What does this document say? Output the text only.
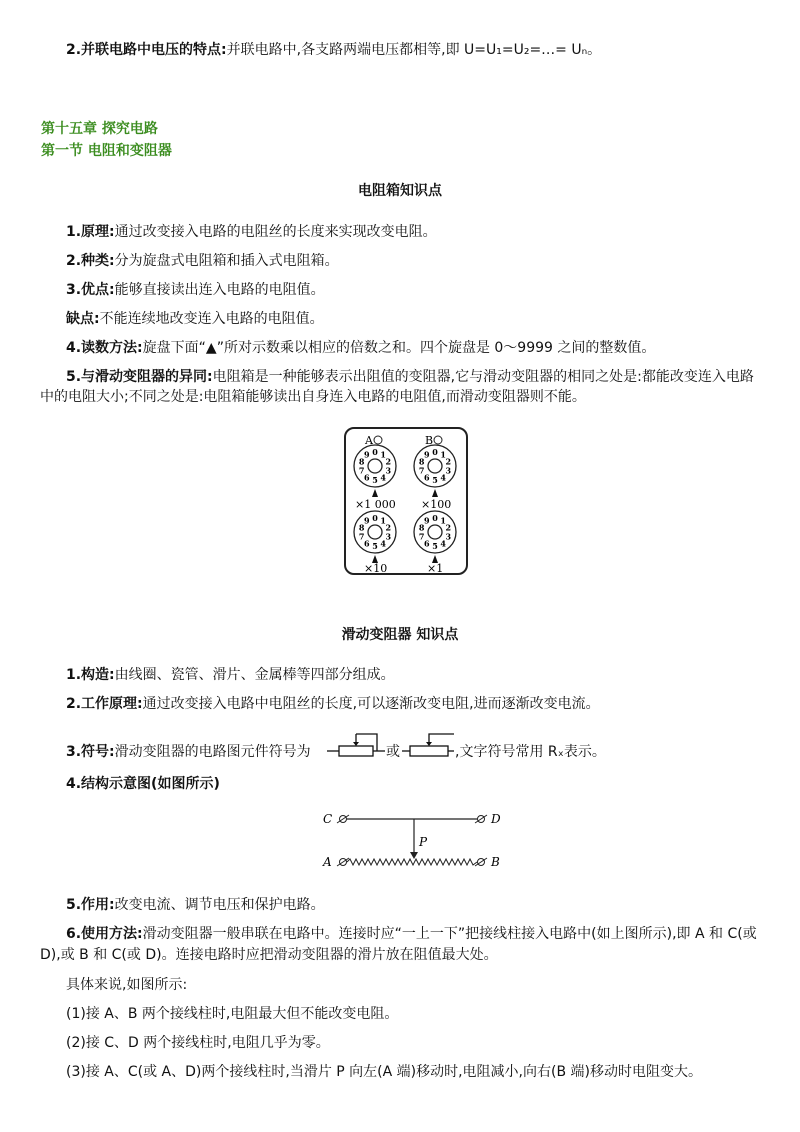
2.并联电路中电压的特点:并联电路中,各支路两端电压都相等,即 U=U₁=U₂=…= Uₙ。
第十五章 探究电路
第一节 电阻和变阻器
电阻箱知识点
1.原理:通过改变接入电路的电阻丝的长度来实现改变电阻。
2.种类:分为旋盘式电阻箱和插入式电阻箱。
3.优点:能够直接读出连入电路的电阻值。
缺点:不能连续地改变连入电路的电阻值。
4.读数方法:旋盘下面“▲”所对示数乘以相应的倍数之和。四个旋盘是 0～9999 之间的整数值。
5.与滑动变阻器的异同:电阻箱是一种能够表示出阻值的变阻器,它与滑动变阻器的相同之处是:都能改变连入电路中的电阻大小;不同之处是:电阻箱能够读出自身连入电路的电阻值,而滑动变阻器则不能。
A	B
0 1
2
3
4
5
6
7
8
9	0 1
2
3
4
5
6
7
8
9
0 1
2
3
4
5
6
7
8
9	0 1
2
3
4
5
6
7
8
9
×1 000 ×100
×10	×1
滑动变阻器 知识点
1.构造:由线圈、瓷管、滑片、金属棒等四部分组成。
2.工作原理:通过改变接入电路中电阻丝的长度,可以逐渐改变电阻,进而逐渐改变电流。
3.符号:滑动变阻器的电路图元件符号为	或	,文字符号常用 Rₓ表示。
4.结构示意图(如图所示)
C	D
P
A	B
5.作用:改变电流、调节电压和保护电路。
6.使用方法:滑动变阻器一般串联在电路中。连接时应“一上一下”把接线柱接入电路中(如上图所示),即 A 和 C(或 D),或 B 和 C(或 D)。连接电路时应把滑动变阻器的滑片放在阻值最大处。
具体来说,如图所示:
(1)接 A、B 两个接线柱时,电阻最大但不能改变电阻。
(2)接 C、D 两个接线柱时,电阻几乎为零。
(3)接 A、C(或 A、D)两个接线柱时,当滑片 P 向左(A 端)移动时,电阻减小,向右(B 端)移动时电阻变大。
